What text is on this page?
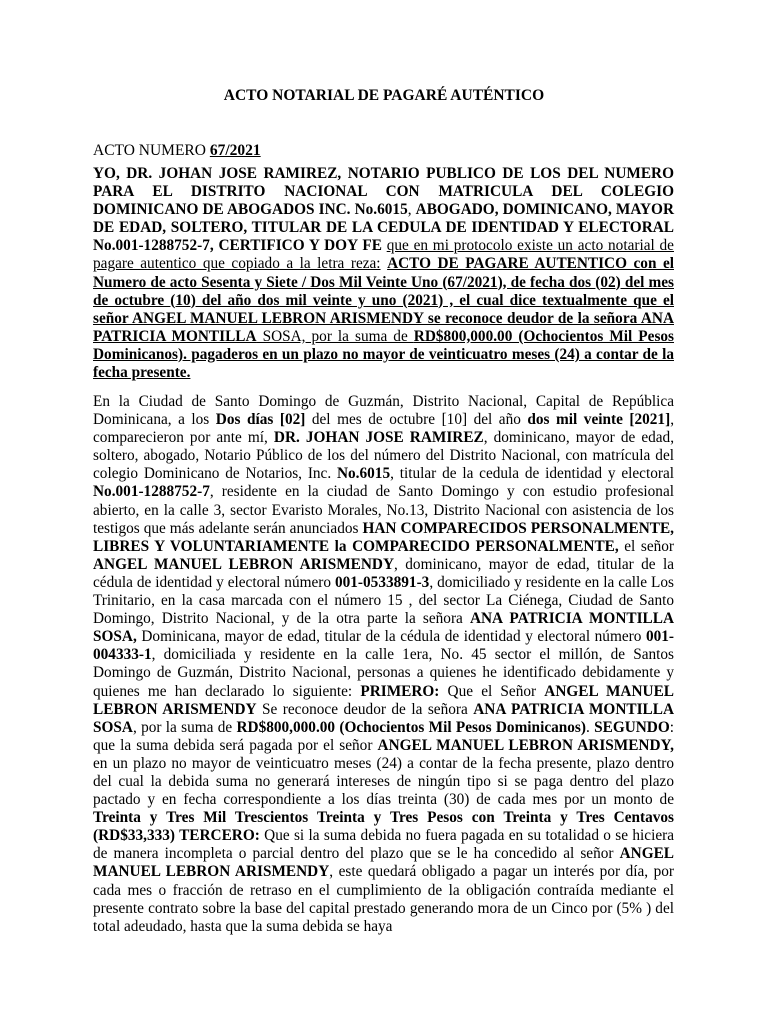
ACTO NOTARIAL DE PAGARÉ AUTÉNTICO
ACTO NUMERO 67/2021
YO, DR. JOHAN JOSE RAMIREZ, NOTARIO PUBLICO DE LOS DEL NUMERO PARA EL DISTRITO NACIONAL CON MATRICULA DEL COLEGIO DOMINICANO DE ABOGADOS INC. No.6015, ABOGADO, DOMINICANO, MAYOR DE EDAD, SOLTERO, TITULAR DE LA CEDULA DE IDENTIDAD Y ELECTORAL No.001-1288752-7, CERTIFICO Y DOY FE que en mi protocolo existe un acto notarial de pagare autentico que copiado a la letra reza: ACTO DE PAGARE AUTENTICO con el Numero de acto Sesenta y Siete / Dos Mil Veinte Uno (67/2021), de fecha dos (02) del mes de octubre (10) del año dos mil veinte y uno (2021) , el cual dice textualmente que el señor ANGEL MANUEL LEBRON ARISMENDY se reconoce deudor de la señora ANA PATRICIA MONTILLA SOSA, por la suma de RD$800,000.00 (Ochocientos Mil Pesos Dominicanos). pagaderos en un plazo no mayor de veinticuatro meses (24) a contar de la fecha presente.
En la Ciudad de Santo Domingo de Guzmán, Distrito Nacional, Capital de República Dominicana, a los Dos días [02] del mes de octubre [10] del año dos mil veinte [2021], comparecieron por ante mí, DR. JOHAN JOSE RAMIREZ, dominicano, mayor de edad, soltero, abogado, Notario Público de los del número del Distrito Nacional, con matrícula del colegio Dominicano de Notarios, Inc. No.6015, titular de la cedula de identidad y electoral No.001-1288752-7, residente en la ciudad de Santo Domingo y con estudio profesional abierto, en la calle 3, sector Evaristo Morales, No.13, Distrito Nacional con asistencia de los testigos que más adelante serán anunciados HAN COMPARECIDOS PERSONALMENTE, LIBRES Y VOLUNTARIAMENTE la COMPARECIDO PERSONALMENTE, el señor ANGEL MANUEL LEBRON ARISMENDY, dominicano, mayor de edad, titular de la cédula de identidad y electoral número 001-0533891-3, domiciliado y residente en la calle Los Trinitario, en la casa marcada con el número 15 , del sector La Ciénega, Ciudad de Santo Domingo, Distrito Nacional, y de la otra parte la señora ANA PATRICIA MONTILLA SOSA, Dominicana, mayor de edad, titular de la cédula de identidad y electoral número 001-004333-1, domiciliada y residente en la calle 1era, No. 45 sector el millón, de Santos Domingo de Guzmán, Distrito Nacional, personas a quienes he identificado debidamente y quienes me han declarado lo siguiente: PRIMERO: Que el Señor ANGEL MANUEL LEBRON ARISMENDY Se reconoce deudor de la señora ANA PATRICIA MONTILLA SOSA, por la suma de RD$800,000.00 (Ochocientos Mil Pesos Dominicanos). SEGUNDO: que la suma debida será pagada por el señor ANGEL MANUEL LEBRON ARISMENDY, en un plazo no mayor de veinticuatro meses (24) a contar de la fecha presente, plazo dentro del cual la debida suma no generará intereses de ningún tipo si se paga dentro del plazo pactado y en fecha correspondiente a los días treinta (30) de cada mes por un monto de Treinta y Tres Mil Trescientos Treinta y Tres Pesos con Treinta y Tres Centavos (RD$33,333) TERCERO: Que si la suma debida no fuera pagada en su totalidad o se hiciera de manera incompleta o parcial dentro del plazo que se le ha concedido al señor ANGEL MANUEL LEBRON ARISMENDY, este quedará obligado a pagar un interés por día, por cada mes o fracción de retraso en el cumplimiento de la obligación contraída mediante el presente contrato sobre la base del capital prestado generando mora de un Cinco por (5% ) del total adeudado, hasta que la suma debida se haya
